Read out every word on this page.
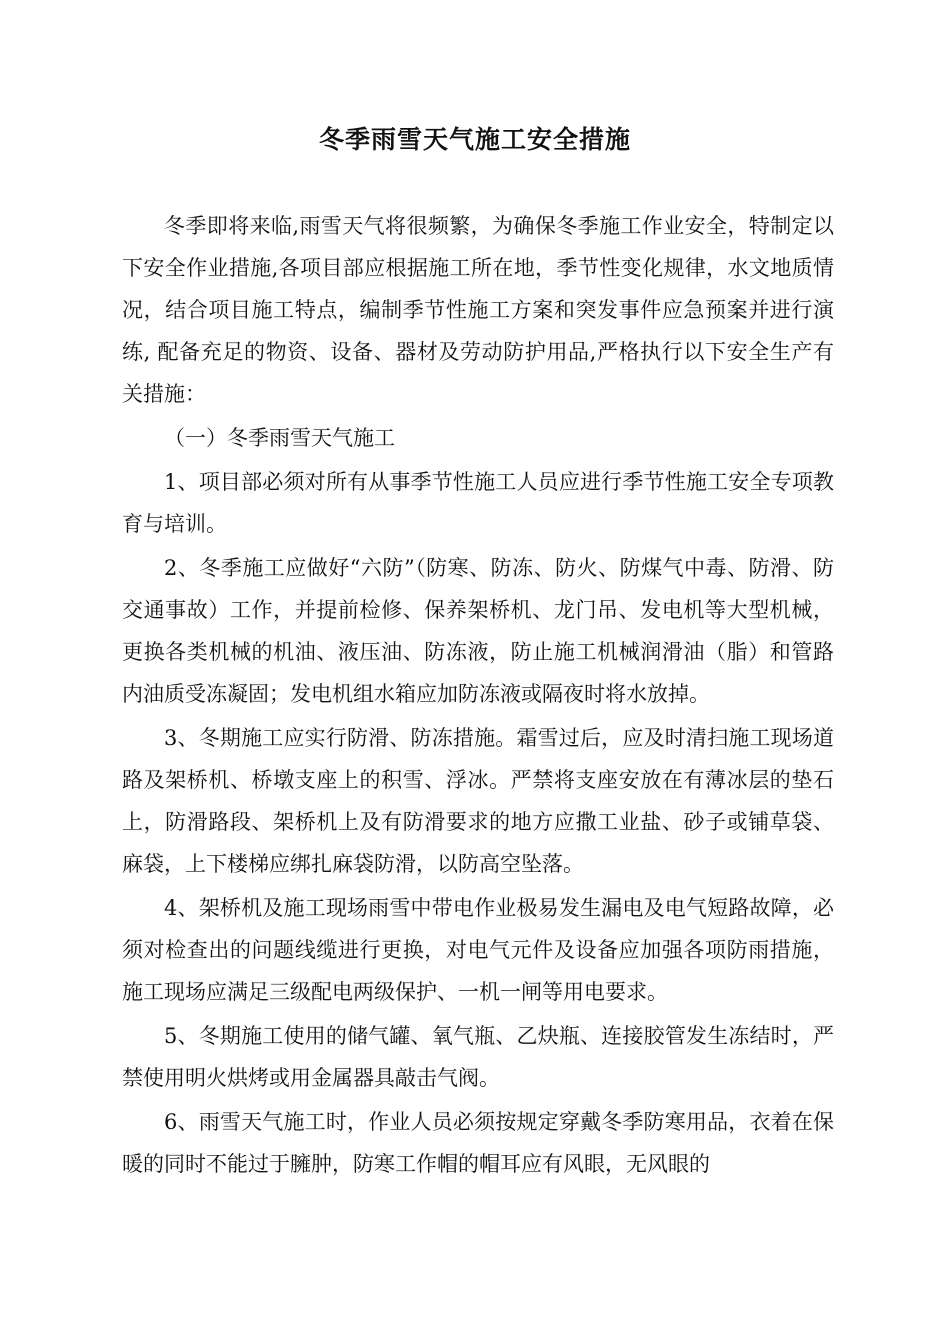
冬季雨雪天气施工安全措施

冬季即将来临,雨雪天气将很频繁，为确保冬季施工作业安全，特制定以下安全作业措施,各项目部应根据施工所在地，季节性变化规律，水文地质情况，结合项目施工特点，编制季节性施工方案和突发事件应急预案并进行演练, 配备充足的物资、设备、器材及劳动防护用品,严格执行以下安全生产有关措施：

（一）冬季雨雪天气施工

1、项目部必须对所有从事季节性施工人员应进行季节性施工安全专项教育与培训。

2、冬季施工应做好“六防”（防寒、防冻、防火、防煤气中毒、防滑、防交通事故）工作，并提前检修、保养架桥机、龙门吊、发电机等大型机械，更换各类机械的机油、液压油、防冻液，防止施工机械润滑油（脂）和管路内油质受冻凝固；发电机组水箱应加防冻液或隔夜时将水放掉。

3、冬期施工应实行防滑、防冻措施。霜雪过后，应及时清扫施工现场道路及架桥机、桥墩支座上的积雪、浮冰。严禁将支座安放在有薄冰层的垫石上，防滑路段、架桥机上及有防滑要求的地方应撒工业盐、砂子或铺草袋、麻袋，上下楼梯应绑扎麻袋防滑，以防高空坠落。

4、架桥机及施工现场雨雪中带电作业极易发生漏电及电气短路故障，必须对检查出的问题线缆进行更换，对电气元件及设备应加强各项防雨措施，施工现场应满足三级配电两级保护、一机一闸等用电要求。

5、冬期施工使用的储气罐、氧气瓶、乙炔瓶、连接胶管发生冻结时，严禁使用明火烘烤或用金属器具敲击气阀。

6、雨雪天气施工时，作业人员必须按规定穿戴冬季防寒用品，衣着在保暖的同时不能过于臃肿，防寒工作帽的帽耳应有风眼，无风眼的
